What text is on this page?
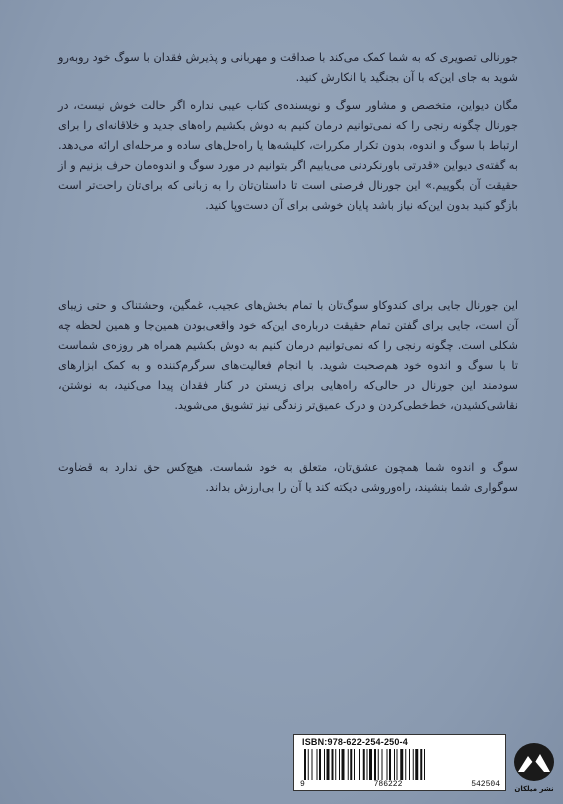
جورنالی تصویری که به شما کمک می‌کند با صداقت و مهربانی و پذیرش فقدان با سوگ خود روبه‌رو شوید به جای این‌که با آن بجنگید یا انکارش کنید.

مگان دیواین، متخصص و مشاور سوگ و نویسنده‌ی کتاب عیبی نداره اگر حالت خوش نیست، در جورنال چگونه رنجی را که نمی‌توانیم درمان کنیم به دوش بکشیم راه‌های جدید و خلاقانه‌ای را برای ارتباط با سوگ و اندوه، بدون تکرار مکررات، کلیشه‌ها یا راه‌حل‌های ساده و مرحله‌ای ارائه می‌دهد. به گفته‌ی دیواین «قدرتی باورنکردنی می‌یابیم اگر بتوانیم در مورد سوگ و اندوه‌مان حرف بزنیم و از حقیقت آن بگوییم.» این جورنال فرصتی است تا داستان‌تان را به زبانی که برای‌تان راحت‌تر است بازگو کنید بدون این‌که نیاز باشد پایان خوشی برای آن دست‌وپا کنید.

این جورنال جایی برای کندوکاو سوگ‌تان با تمام بخش‌های عجیب، غمگین، وحشتناک و حتی زیبای آن است، جایی برای گفتن تمام حقیقت درباره‌ی این‌که خود واقعی‌بودن همین‌جا و همین لحظه چه شکلی است. چگونه رنجی را که نمی‌توانیم درمان کنیم به دوش بکشیم همراه هر روزه‌ی شماست تا با سوگ و اندوه خود هم‌صحبت شوید. با انجام فعالیت‌های سرگرم‌کننده و به کمک ابزارهای سودمند این جورنال در حالی‌که راه‌هایی برای زیستن در کنار فقدان پیدا می‌کنید، به نوشتن، نقاشی‌کشیدن، خط‌خطی‌کردن و درک عمیق‌تر زندگی نیز تشویق می‌شوید.

سوگ و اندوه شما همچون عشق‌تان، متعلق به خود شماست. هیچ‌کس حق ندارد به قضاوت سوگواری شما بنشیند، راه‌وروشی دیکته کند یا آن را بی‌ارزش بداند.

ISBN:978-622-254-250-4
9	786222	542504	نشر میلکان
